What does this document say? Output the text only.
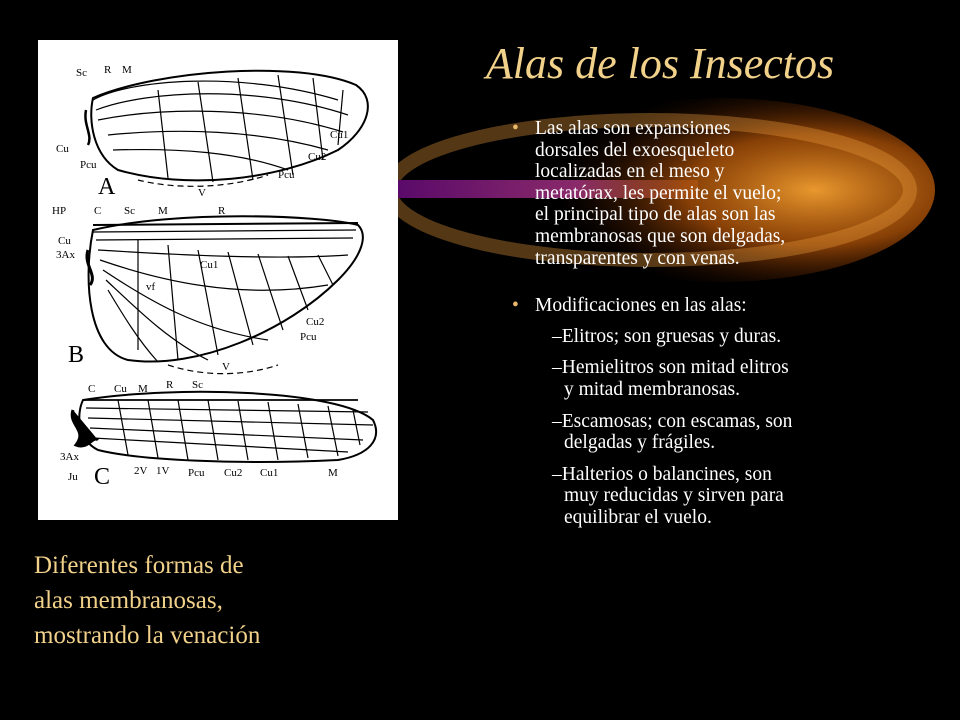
Alas de los Insectos
Sc R M
Cu
Pcu
Cu1
Cu2
Pcu
V
HP	C Sc M	R
Cu
3Ax
Cu1
vf
Cu2
Pcu
V
C Cu M R Sc
3Ax
Ju	2V 1V Pcu Cu2 Cu1	M
A
B
C
Diferentes formas de
alas membranosas,
mostrando la venación
• Las alas son expansiones
dorsales del exoesqueleto
localizadas en el meso y
metatórax, les permite el vuelo;
el principal tipo de alas son las
membranosas que son delgadas,
transparentes y con venas.
• Modificaciones en las alas:
–Elitros; son gruesas y duras.
–Hemielitros son mitad elitros
y mitad membranosas.
–Escamosas; con escamas, son
delgadas y frágiles.
–Halterios o balancines, son
muy reducidas y sirven para
equilibrar el vuelo.
